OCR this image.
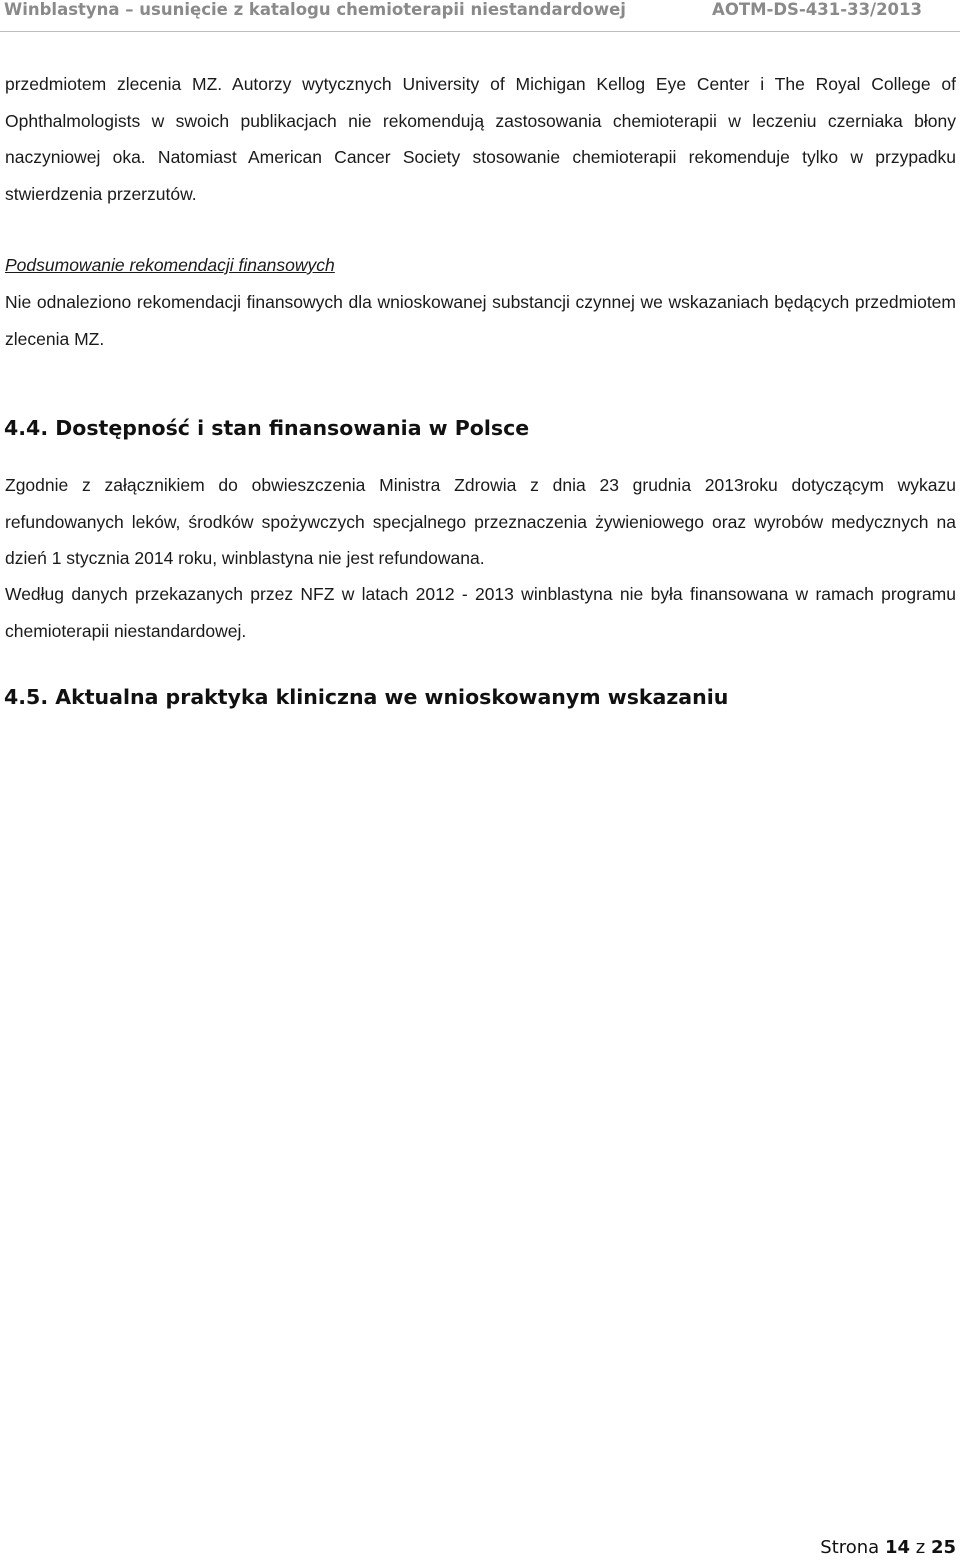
Winblastyna – usunięcie z katalogu chemioterapii niestandardowej	AOTM-DS-431-33/2013
przedmiotem zlecenia MZ. Autorzy wytycznych University of Michigan Kellog Eye Center i The Royal College of Ophthalmologists w swoich publikacjach nie rekomendują zastosowania chemioterapii w leczeniu czerniaka błony naczyniowej oka. Natomiast American Cancer Society stosowanie chemioterapii rekomenduje tylko w przypadku stwierdzenia przerzutów.
Podsumowanie rekomendacji finansowych
Nie odnaleziono rekomendacji finansowych dla wnioskowanej substancji czynnej we wskazaniach będących przedmiotem zlecenia MZ.
4.4. Dostępność i stan finansowania w Polsce
Zgodnie z załącznikiem do obwieszczenia Ministra Zdrowia z dnia 23 grudnia 2013roku dotyczącym wykazu refundowanych leków, środków spożywczych specjalnego przeznaczenia żywieniowego oraz wyrobów medycznych na dzień 1 stycznia 2014 roku, winblastyna nie jest refundowana.
Według danych przekazanych przez NFZ w latach 2012 - 2013 winblastyna nie była finansowana w ramach programu chemioterapii niestandardowej.
4.5. Aktualna praktyka kliniczna we wnioskowanym wskazaniu
Strona 14 z 25
